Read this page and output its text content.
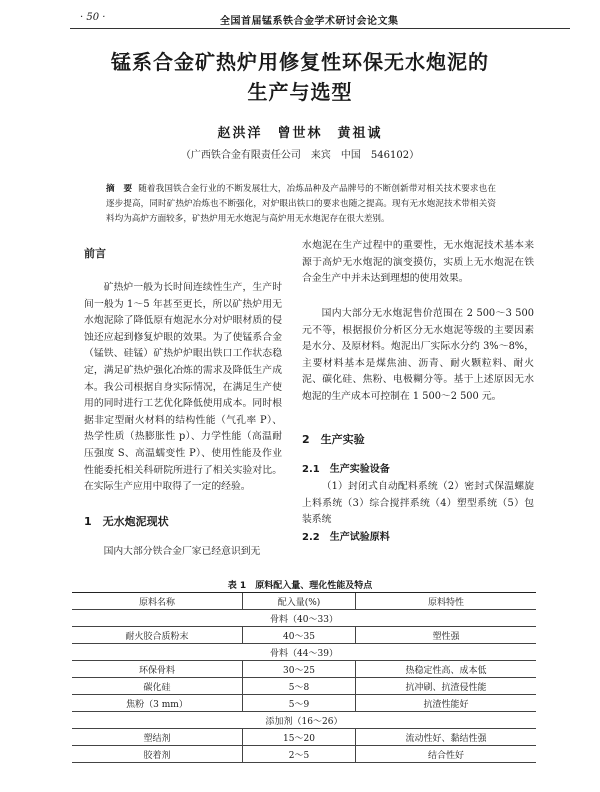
· 50 ·	全国首届锰系铁合金学术研讨会论文集
锰系合金矿热炉用修复性环保无水炮泥的
生产与选型
赵洪洋　曾世林　黄祖诚
（广西铁合金有限责任公司　来宾　中国　546102）
摘　要 随着我国铁合金行业的不断发展壮大，冶炼品种及产品牌号的不断创新带对相关技术要求也在逐步提高，同时矿热炉冶炼也不断强化，对炉眼出铁口的要求也随之提高。现有无水炮泥技术带相关资料均为高炉方面较多，矿热炉用无水炮泥与高炉用无水炮泥存在很大差别。
前言

矿热炉一般为长时间连续性生产，生产时间一般为 1～5 年甚至更长，所以矿热炉用无水炮泥除了降低原有炮泥水分对炉眼材质的侵蚀还应起到修复炉眼的效果。为了使锰系合金（锰铁、硅锰）矿热炉炉眼出铁口工作状态稳定，满足矿热炉强化冶炼的需求及降低生产成本。我公司根据自身实际情况，在满足生产使用的同时进行工艺优化降低使用成本。同时根据非定型耐火材料的结构性能（气孔率 P）、热学性质（热膨胀性 p）、力学性能（高温耐压强度 S、高温蠕变性 P）、使用性能及作业性能委托相关科研院所进行了相关实验对比。在实际生产应用中取得了一定的经验。

1　无水炮泥现状

国内大部分铁合金厂家已经意识到无

水炮泥在生产过程中的重要性，无水炮泥技术基本来源于高炉无水炮泥的演变摸仿，实质上无水炮泥在铁合金生产中并未达到理想的使用效果。

国内大部分无水炮泥售价范围在 2 500～3 500 元不等，根据报价分析区分无水炮泥等级的主要因素是水分、及原材料。炮泥出厂实际水分约 3%～8%，主要材料基本是煤焦油、沥青、耐火颗粒料、耐火泥、碳化硅、焦粉、电极糊分等。基于上述原因无水炮泥的生产成本可控制在 1 500～2 500 元。

2　生产实验
2.1　生产实验设备

（1）封闭式自动配料系统（2）密封式保温螺旋上料系统（3）综合搅拌系统（4）塑型系统（5）包装系统

2.2　生产试验原料
表 1　原料配入量、理化性能及特点
原料名称	配入量(%)	原料特性
骨料（40～33）		
耐火胶合质粉末	40～35	塑性强
骨料（44～39）		
环保骨料	30～25	热稳定性高、成本低
碳化硅	5～8	抗冲刷、抗渣侵性能
焦粉（3 mm）	5～9	抗渣性能好
添加剂（16～26）		
塑结剂	15～20	流动性好、黏结性强
胶着剂	2～5	结合性好
